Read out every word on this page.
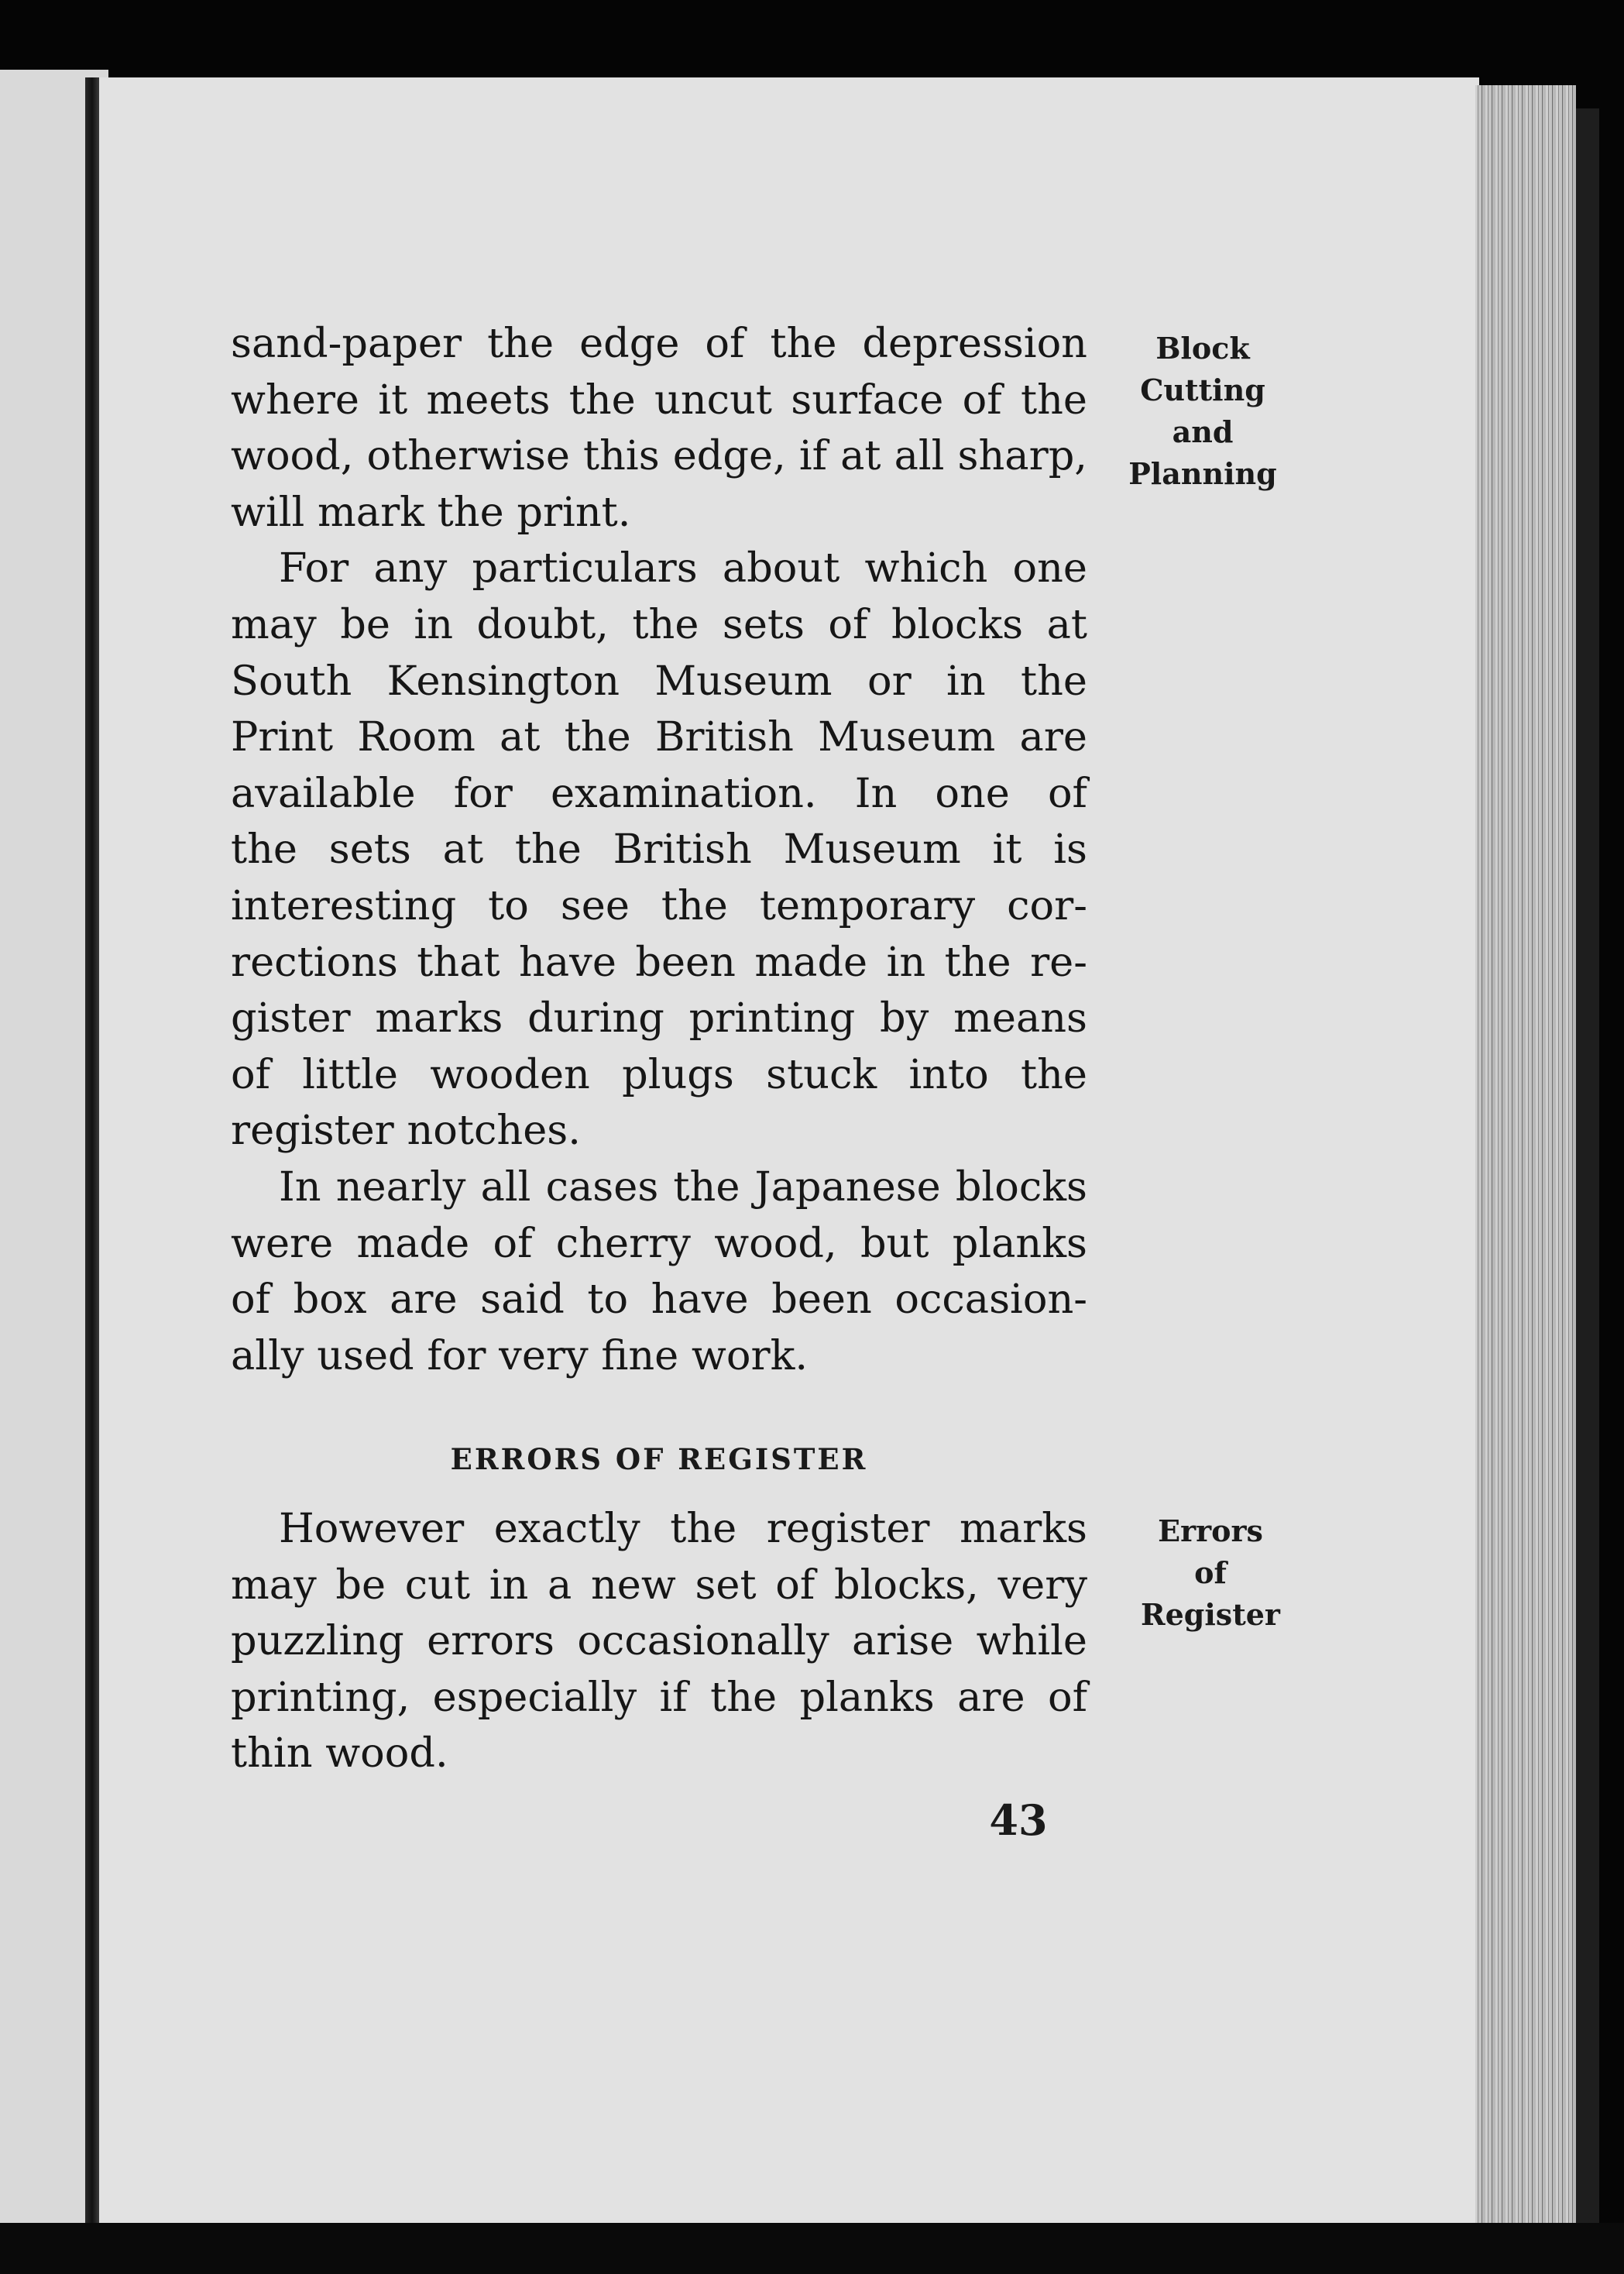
sand-paper the edge of the depression

where it meets the uncut surface of the

wood, otherwise this edge, if at all sharp,

will mark the print.

For any particulars about which one

may be in doubt, the sets of blocks at

South Kensington Museum or in the

Print Room at the British Museum are

available for examination. In one of

the sets at the British Museum it is

interesting to see the temporary cor-

rections that have been made in the re-

gister marks during printing by means

of little wooden plugs stuck into the

register notches.

In nearly all cases the Japanese blocks

were made of cherry wood, but planks

of box are said to have been occasion-

ally used for very fine work.

ERRORS OF REGISTER

However exactly the register marks

may be cut in a new set of blocks, very

puzzling errors occasionally arise while

printing, especially if the planks are of

thin wood.

Block
Cutting
and
Planning
Errors
of
Register
43
